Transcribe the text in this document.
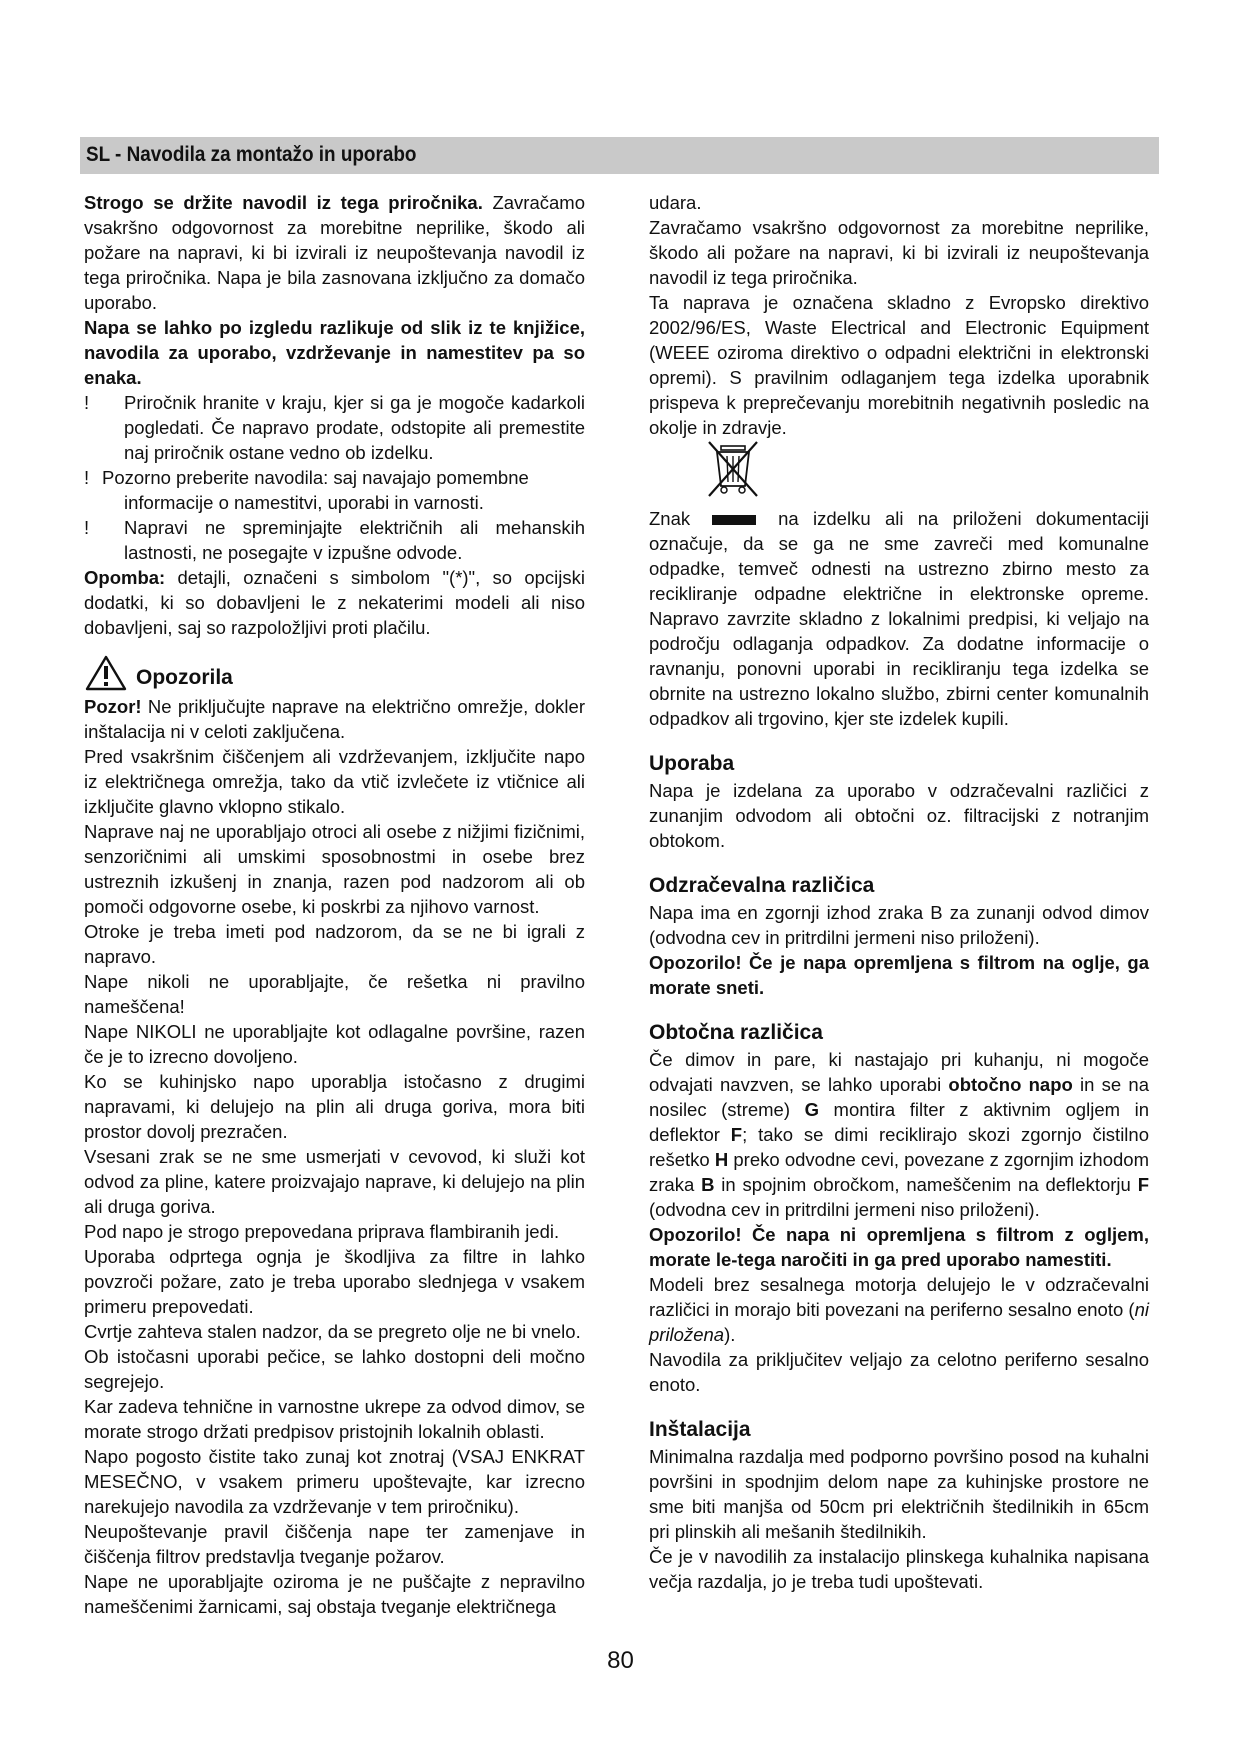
SL - Navodila za montažo in uporabo

Strogo se držite navodil iz tega priročnika. Zavračamo vsakršno odgovornost za morebitne neprilike, škodo ali požare na napravi, ki bi izvirali iz neupoštevanja navodil iz tega priročnika. Napa je bila zasnovana izključno za domačo uporabo.

Napa se lahko po izgledu razlikuje od slik iz te knjižice, navodila za uporabo, vzdrževanje in namestitev pa so enaka.

!	Priročnik hranite v kraju, kjer si ga je mogoče kadarkoli pogledati. Če napravo prodate, odstopite ali premestite naj priročnik ostane vedno ob izdelku.
! Pozorno preberite navodila: saj navajajo pomembne

informacije o namestitvi, uporabi in varnosti.

!	Napravi ne spreminjajte električnih ali mehanskih lastnosti, ne posegajte v izpušne odvode.

Opomba: detajli, označeni s simbolom "(*)", so opcijski dodatki, ki so dobavljeni le z nekaterimi modeli ali niso dobavljeni, saj so razpoložljivi proti plačilu.

Opozorila

Pozor! Ne priključujte naprave na električno omrežje, dokler inštalacija ni v celoti zaključena.

Pred vsakršnim čiščenjem ali vzdrževanjem, izključite napo iz električnega omrežja, tako da vtič izvlečete iz vtičnice ali izključite glavno vklopno stikalo.

Naprave naj ne uporabljajo otroci ali osebe z nižjimi fizičnimi, senzoričnimi ali umskimi sposobnostmi in osebe brez ustreznih izkušenj in znanja, razen pod nadzorom ali ob pomoči odgovorne osebe, ki poskrbi za njihovo varnost.

Otroke je treba imeti pod nadzorom, da se ne bi igrali z napravo.

Nape nikoli ne uporabljajte, če rešetka ni pravilno nameščena!

Nape NIKOLI ne uporabljajte kot odlagalne površine, razen če je to izrecno dovoljeno.

Ko se kuhinjsko napo uporablja istočasno z drugimi napravami, ki delujejo na plin ali druga goriva, mora biti prostor dovolj prezračen.

Vsesani zrak se ne sme usmerjati v cevovod, ki služi kot odvod za pline, katere proizvajajo naprave, ki delujejo na plin ali druga goriva.

Pod napo je strogo prepovedana priprava flambiranih jedi.

Uporaba odprtega ognja je škodljiva za filtre in lahko povzroči požare, zato je treba uporabo slednjega v vsakem primeru prepovedati.

Cvrtje zahteva stalen nadzor, da se pregreto olje ne bi vnelo.

Ob istočasni uporabi pečice, se lahko dostopni deli močno segrejejo.

Kar zadeva tehnične in varnostne ukrepe za odvod dimov, se morate strogo držati predpisov pristojnih lokalnih oblasti.

Napo pogosto čistite tako zunaj kot znotraj (VSAJ ENKRAT MESEČNO, v vsakem primeru upoštevajte, kar izrecno narekujejo navodila za vzdrževanje v tem priročniku).

Neupoštevanje pravil čiščenja nape ter zamenjave in čiščenja filtrov predstavlja tveganje požarov.

Nape ne uporabljajte oziroma je ne puščajte z nepravilno nameščenimi žarnicami, saj obstaja tveganje električnega

udara.

Zavračamo vsakršno odgovornost za morebitne neprilike, škodo ali požare na napravi, ki bi izvirali iz neupoštevanja navodil iz tega priročnika.

Ta naprava je označena skladno z Evropsko direktivo 2002/96/ES, Waste Electrical and Electronic Equipment (WEEE oziroma direktivo o odpadni električni in elektronski opremi). S pravilnim odlaganjem tega izdelka uporabnik prispeva k preprečevanju morebitnih negativnih posledic na okolje in zdravje.

Znak	na izdelku ali na priloženi dokumentaciji označuje, da se ga ne sme zavreči med komunalne odpadke, temveč odnesti na ustrezno zbirno mesto za recikliranje odpadne električne in elektronske opreme. Napravo zavrzite skladno z lokalnimi predpisi, ki veljajo na področju odlaganja odpadkov. Za dodatne informacije o ravnanju, ponovni uporabi in recikliranju tega izdelka se obrnite na ustrezno lokalno službo, zbirni center komunalnih odpadkov ali trgovino, kjer ste izdelek kupili.

Uporaba

Napa je izdelana za uporabo v odzračevalni različici z zunanjim odvodom ali obtočni oz. filtracijski z notranjim obtokom.

Odzračevalna različica

Napa ima en zgornji izhod zraka B za zunanji odvod dimov (odvodna cev in pritrdilni jermeni niso priloženi).

Opozorilo! Če je napa opremljena s filtrom na oglje, ga morate sneti.

Obtočna različica

Če dimov in pare, ki nastajajo pri kuhanju, ni mogoče odvajati navzven, se lahko uporabi obtočno napo in se na nosilec (streme) G montira filter z aktivnim ogljem in deflektor F; tako se dimi reciklirajo skozi zgornjo čistilno rešetko H preko odvodne cevi, povezane z zgornjim izhodom zraka B in spojnim obročkom, nameščenim na deflektorju F (odvodna cev in pritrdilni jermeni niso priloženi).

Opozorilo! Če napa ni opremljena s filtrom z ogljem, morate le-tega naročiti in ga pred uporabo namestiti.

Modeli brez sesalnega motorja delujejo le v odzračevalni različici in morajo biti povezani na periferno sesalno enoto (ni priložena).

Navodila za priključitev veljajo za celotno periferno sesalno enoto.

Inštalacija

Minimalna razdalja med podporno površino posod na kuhalni površini in spodnjim delom nape za kuhinjske prostore ne sme biti manjša od 50cm pri električnih štedilnikih in 65cm pri plinskih ali mešanih štedilnikih.

Če je v navodilih za instalacijo plinskega kuhalnika napisana večja razdalja, jo je treba tudi upoštevati.

80
